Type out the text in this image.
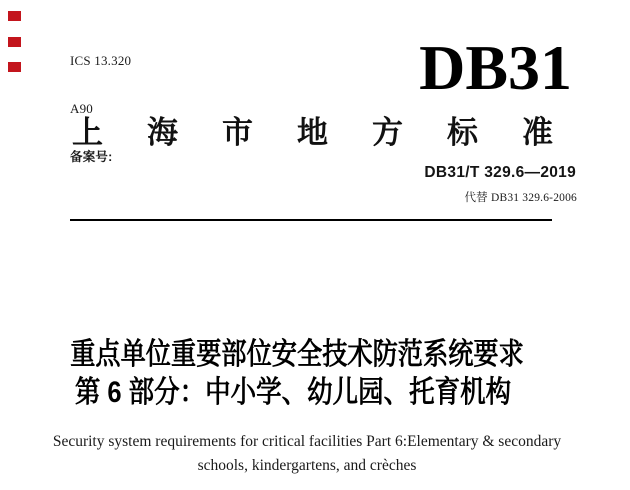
ICS 13.320

A90

备案号:

DB31
上 海 市 地 方 标 准
DB31/T 329.6—2019
代替 DB31 329.6-2006
重点单位重要部位安全技术防范系统要求
第 6 部分：中小学、幼儿园、托育机构
Security system requirements for critical facilities Part 6:Elementary & secondary
schools, kindergartens, and crèches
